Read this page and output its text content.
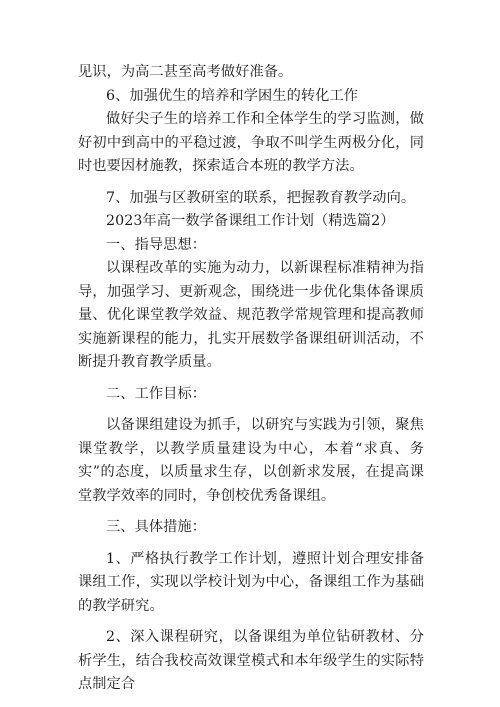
见识，为高二甚至高考做好准备。

6、加强优生的培养和学困生的转化工作

做好尖子生的培养工作和全体学生的学习监测，做好初中到高中的平稳过渡，争取不叫学生两极分化，同时也要因材施教，探索适合本班的教学方法。

7、加强与区教研室的联系，把握教育教学动向。

2023年高一数学备课组工作计划（精选篇2）

一、指导思想：

以课程改革的实施为动力，以新课程标准精神为指导，加强学习、更新观念，围绕进一步优化集体备课质量、优化课堂教学效益、规范教学常规管理和提高教师实施新课程的能力，扎实开展数学备课组研训活动，不断提升教育教学质量。

二、工作目标：

以备课组建设为抓手，以研究与实践为引领，聚焦课堂教学，以教学质量建设为中心，本着“求真、务实”的态度，以质量求生存，以创新求发展，在提高课堂教学效率的同时，争创校优秀备课组。

三、具体措施：

1、严格执行教学工作计划，遵照计划合理安排备课组工作，实现以学校计划为中心，备课组工作为基础的教学研究。

2、深入课程研究，以备课组为单位钻研教材、分析学生，结合我校高效课堂模式和本年级学生的实际特点制定合
